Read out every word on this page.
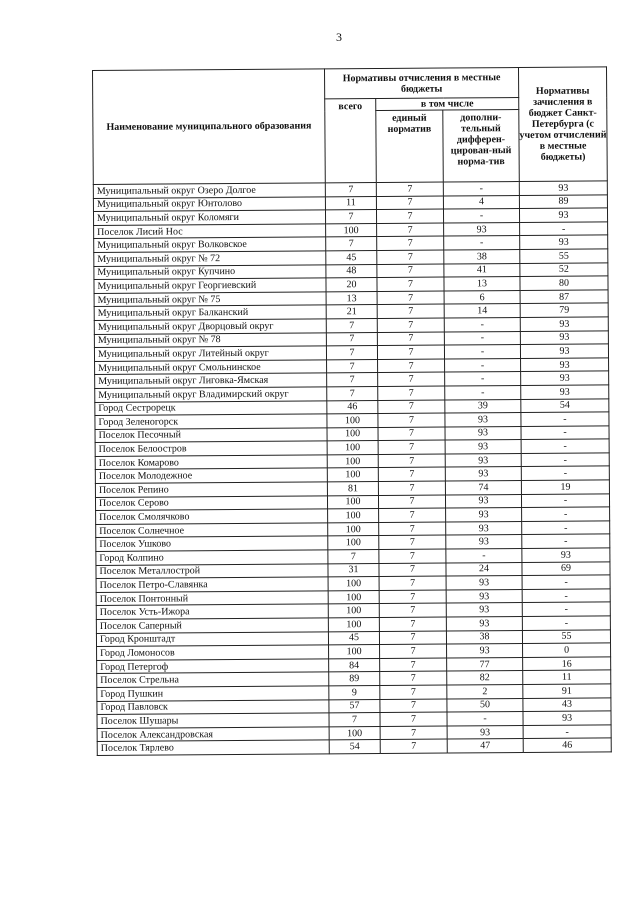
3
Наименование муниципального образования	Нормативы отчисления в местные бюджеты			Нормативы зачисления в бюджет Санкт-Петербурга (с учетом отчислений в местные бюджеты)
	всего	в том числе		
		единый норматив	дополни-тельный дифферен-цирован-ный норма-тив	
Муниципальный округ Озеро Долгое	7	7	-	93
Муниципальный округ Юнтолово	11	7	4	89
Муниципальный округ Коломяги	7	7	-	93
Поселок Лисий Нос	100	7	93	-
Муниципальный округ Волковское	7	7	-	93
Муниципальный округ № 72	45	7	38	55
Муниципальный округ Купчино	48	7	41	52
Муниципальный округ Георгиевский	20	7	13	80
Муниципальный округ № 75	13	7	6	87
Муниципальный округ Балканский	21	7	14	79
Муниципальный округ Дворцовый округ	7	7	-	93
Муниципальный округ № 78	7	7	-	93
Муниципальный округ Литейный округ	7	7	-	93
Муниципальный округ Смольнинское	7	7	-	93
Муниципальный округ Лиговка-Ямская	7	7	-	93
Муниципальный округ Владимирский округ	7	7	-	93
Город Сестрорецк	46	7	39	54
Город Зеленогорск	100	7	93	-
Поселок Песочный	100	7	93	-
Поселок Белоостров	100	7	93	-
Поселок Комарово	100	7	93	-
Поселок Молодежное	100	7	93	-
Поселок Репино	81	7	74	19
Поселок Серово	100	7	93	-
Поселок Смолячково	100	7	93	-
Поселок Солнечное	100	7	93	-
Поселок Ушково	100	7	93	-
Город Колпино	7	7	-	93
Поселок Металлострой	31	7	24	69
Поселок Петро-Славянка	100	7	93	-
Поселок Понтонный	100	7	93	-
Поселок Усть-Ижора	100	7	93	-
Поселок Саперный	100	7	93	-
Город Кронштадт	45	7	38	55
Город Ломоносов	100	7	93	0
Город Петергоф	84	7	77	16
Поселок Стрельна	89	7	82	11
Город Пушкин	9	7	2	91
Город Павловск	57	7	50	43
Поселок Шушары	7	7	-	93
Поселок Александровская	100	7	93	-
Поселок Тярлево	54	7	47	46
